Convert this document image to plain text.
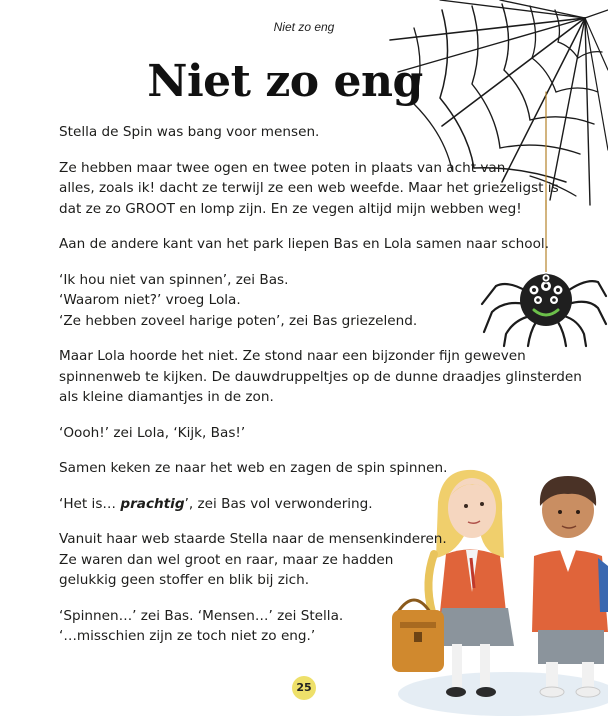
Niet zo eng
Niet zo eng

Stella de Spin was bang voor mensen.

Ze hebben maar twee ogen en twee poten in plaats van acht van
alles, zoals ik! dacht ze terwijl ze een web weefde. Maar het griezeligst is
dat ze zo GROOT en lomp zijn. En ze vegen altijd mijn webben weg!

Aan de andere kant van het park liepen Bas en Lola samen naar school.

‘Ik hou niet van spinnen’, zei Bas.
‘Waarom niet?’ vroeg Lola.
‘Ze hebben zoveel harige poten’, zei Bas griezelend.

Maar Lola hoorde het niet. Ze stond naar een bijzonder fijn geweven
spinnenweb te kijken. De dauwdruppeltjes op de dunne draadjes glinsterden
als kleine diamantjes in de zon.

‘Oooh!’ zei Lola, ‘Kijk, Bas!’

Samen keken ze naar het web en zagen de spin spinnen.

‘Het is… prachtig’, zei Bas vol verwondering.

Vanuit haar web staarde Stella naar de mensenkinderen.
Ze waren dan wel groot en raar, maar ze hadden
gelukkig geen stoffer en blik bij zich.

‘Spinnen…’ zei Bas. ‘Mensen…’ zei Stella.
‘…misschien zijn ze toch niet zo eng.’

25
